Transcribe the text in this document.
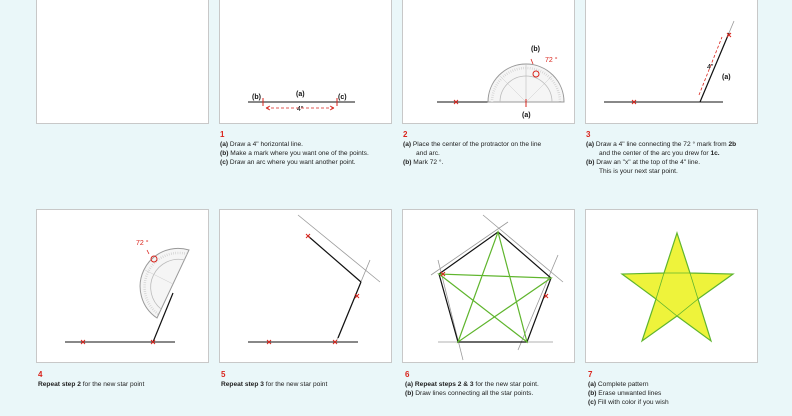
(b)	(a)	(c)
4"
72 °
(b)
(a)
4"
(a)
1
(a) Draw a 4" horizontal line.
(b) Make a mark where you want one of the points.
(c) Draw an arc where you want another point.
2
(a) Place the center of the protractor on the line
and arc.
(b) Mark 72 °.
3
(a) Draw a 4" line connecting the 72 ° mark from 2b
and the center of the arc you drew for 1c.
(b) Draw an "x" at the top of the 4" line.
This is your next star point.
72 °
4
Repeat step 2 for the new star point
5
Repeat step 3 for the new star point
6
(a) Repeat steps 2 & 3 for the new star point.
(b) Draw lines connecting all the star points.
7
(a) Complete pattern
(b) Erase unwanted lines
(c) Fill with color if you wish
